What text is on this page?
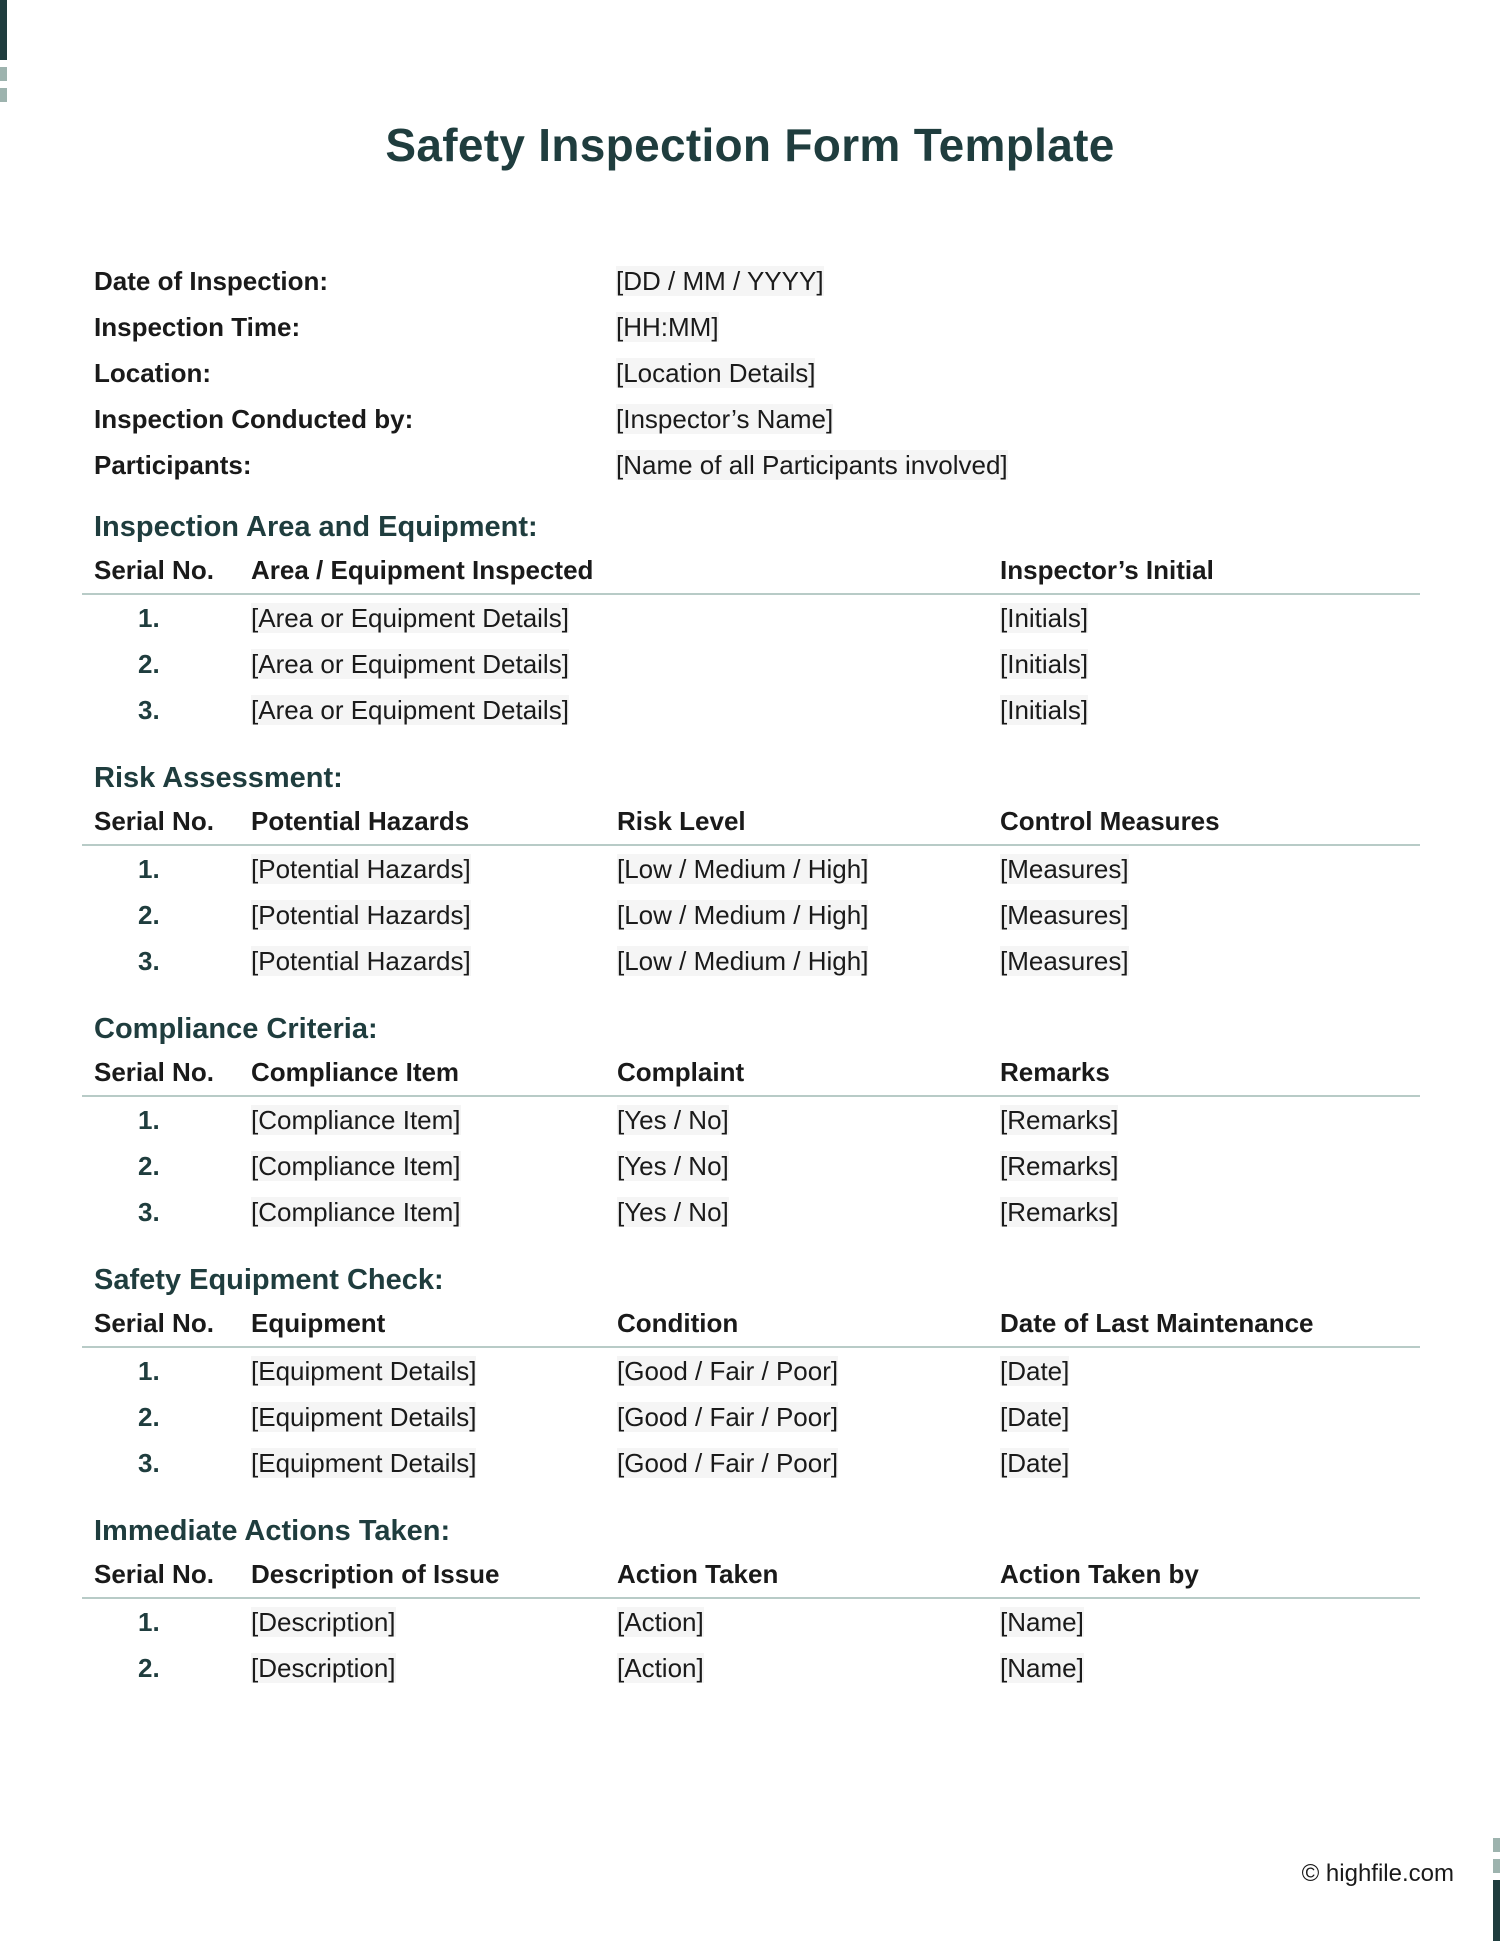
Safety Inspection Form Template
Date of Inspection:	[DD / MM / YYYY]
Inspection Time:	[HH:MM]
Location:	[Location Details]
Inspection Conducted by:	[Inspector’s Name]
Participants:	[Name of all Participants involved]
Inspection Area and Equipment:
Serial No.	Area / Equipment Inspected	Inspector’s Initial
1.	[Area or Equipment Details]	[Initials]
2.	[Area or Equipment Details]	[Initials]
3.	[Area or Equipment Details]	[Initials]
Risk Assessment:
Serial No.	Potential Hazards	Risk Level	Control Measures
1.	[Potential Hazards]	[Low / Medium / High]	[Measures]
2.	[Potential Hazards]	[Low / Medium / High]	[Measures]
3.	[Potential Hazards]	[Low / Medium / High]	[Measures]
Compliance Criteria:
Serial No.	Compliance Item	Complaint	Remarks
1.	[Compliance Item]	[Yes / No]	[Remarks]
2.	[Compliance Item]	[Yes / No]	[Remarks]
3.	[Compliance Item]	[Yes / No]	[Remarks]
Safety Equipment Check:
Serial No.	Equipment	Condition	Date of Last Maintenance
1.	[Equipment Details]	[Good / Fair / Poor]	[Date]
2.	[Equipment Details]	[Good / Fair / Poor]	[Date]
3.	[Equipment Details]	[Good / Fair / Poor]	[Date]
Immediate Actions Taken:
Serial No.	Description of Issue	Action Taken	Action Taken by
1.	[Description]	[Action]	[Name]
2.	[Description]	[Action]	[Name]
© highfile.com
